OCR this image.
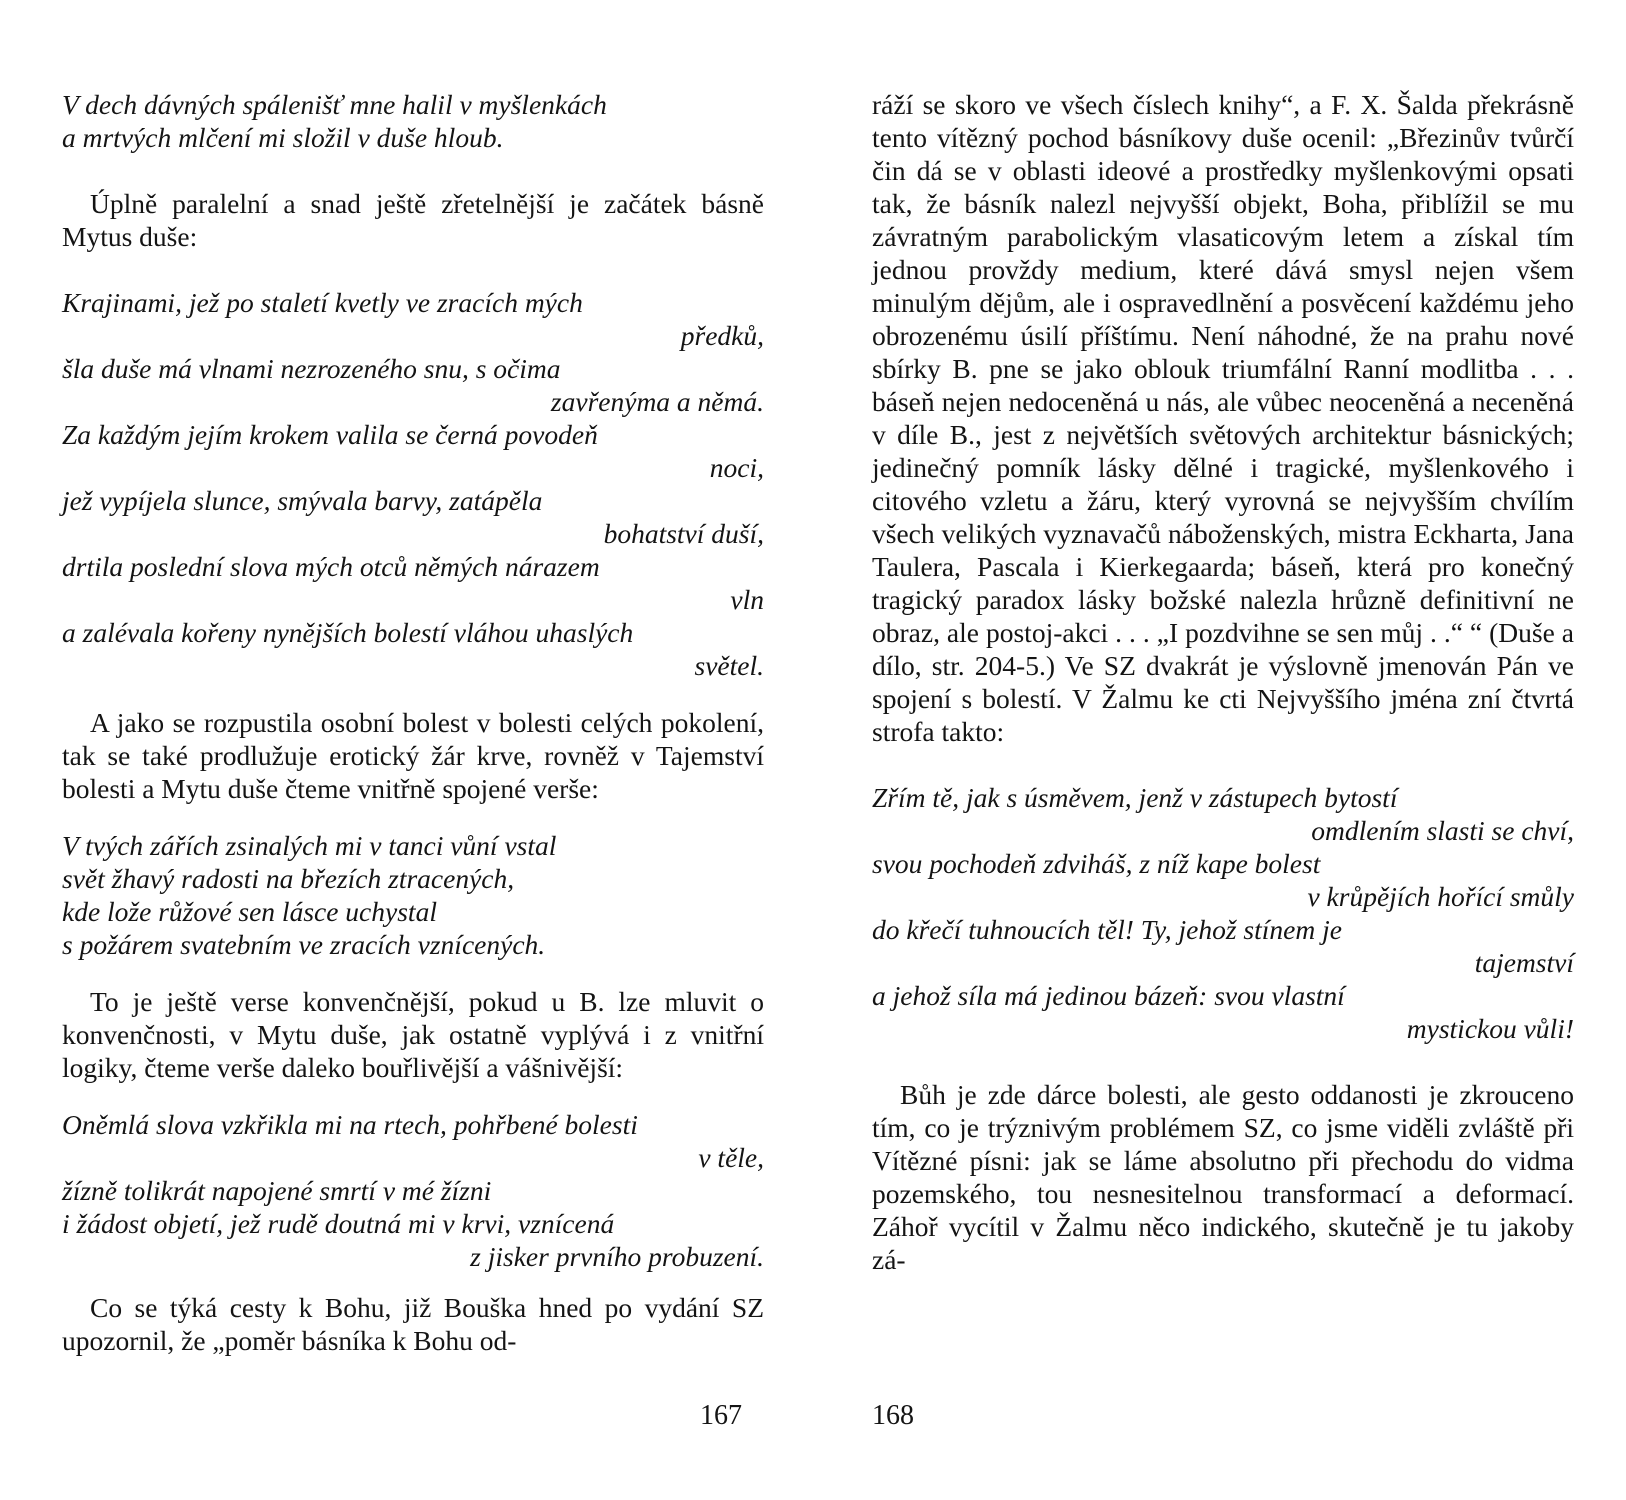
V dech dávných spálenišť mne halil v myšlenkách
a mrtvých mlčení mi složil v duše hloub.

Úplně paralelní a snad ještě zřetelnější je začátek básně Mytus duše:

Krajinami, jež po staletí kvetly ve zracích mých
předků,
šla duše má vlnami nezrozeného snu, s očima
zavřenýma a němá.
Za každým jejím krokem valila se černá povodeň
noci,
jež vypíjela slunce, smývala barvy, zatápěla
bohatství duší,
drtila poslední slova mých otců němých nárazem
vln
a zalévala kořeny nynějších bolestí vláhou uhaslých
světel.

A jako se rozpustila osobní bolest v bolesti celých pokolení, tak se také prodlužuje erotický žár krve, rovněž v Tajemství bolesti a Mytu duše čteme vnitřně spojené verše:

V tvých zářích zsinalých mi v tanci vůní vstal
svět žhavý radosti na březích ztracených,
kde lože růžové sen lásce uchystal
s požárem svatebním ve zracích vznícených.

To je ještě verse konvenčnější, pokud u B. lze mluvit o konvenčnosti, v Mytu duše, jak ostatně vyplývá i z vnitřní logiky, čteme verše daleko bouřlivější a vášnivější:

Oněmlá slova vzkřikla mi na rtech, pohřbené bolesti
v těle,
žízně tolikrát napojené smrtí v mé žízni
i žádost objetí, jež rudě doutná mi v krvi, vznícená
z jisker prvního probuzení.

Co se týká cesty k Bohu, již Bouška hned po vydání SZ upozornil, že „poměr básníka k Bohu od-

ráží se skoro ve všech číslech knihy“, a F. X. Šalda překrásně tento vítězný pochod básníkovy duše ocenil: „Březinův tvůrčí čin dá se v oblasti ideové a prostředky myšlenkovými opsati tak, že básník nalezl nejvyšší objekt, Boha, přiblížil se mu závratným parabolickým vlasaticovým letem a získal tím jednou provždy medium, které dává smysl nejen všem minulým dějům, ale i ospravedlnění a posvěcení každému jeho obrozenému úsilí příštímu. Není náhodné, že na prahu nové sbírky B. pne se jako oblouk triumfální Ranní modlitba . . . báseň nejen nedoceněná u nás, ale vůbec neoceněná a neceněná v díle B., jest z největších světových architektur básnických; jedinečný pomník lásky dělné i tragické, myšlenkového i citového vzletu a žáru, který vyrovná se nejvyšším chvílím všech velikých vyznavačů náboženských, mistra Eckharta, Jana Taulera, Pascala i Kierkegaarda; báseň, která pro konečný tragický paradox lásky božské nalezla hrůzně definitivní ne obraz, ale postoj-akci . . . „I pozdvihne se sen můj . .“ “ (Duše a dílo, str. 204-5.) Ve SZ dvakrát je výslovně jmenován Pán ve spojení s bolestí. V Žalmu ke cti Nejvyššího jména zní čtvrtá strofa takto:

Zřím tě, jak s úsměvem, jenž v zástupech bytostí
omdlením slasti se chví,
svou pochodeň zdviháš, z níž kape bolest
v krůpějích hořící smůly
do křečí tuhnoucích těl! Ty, jehož stínem je
tajemství
a jehož síla má jedinou bázeň: svou vlastní
mystickou vůli!

Bůh je zde dárce bolesti, ale gesto oddanosti je zkrouceno tím, co je trýznivým problémem SZ, co jsme viděli zvláště při Vítězné písni: jak se láme absolutno při přechodu do vidma pozemského, tou nesnesitelnou transformací a deformací. Záhoř vycítil v Žalmu něco indického, skutečně je tu jakoby zá-

167	168
